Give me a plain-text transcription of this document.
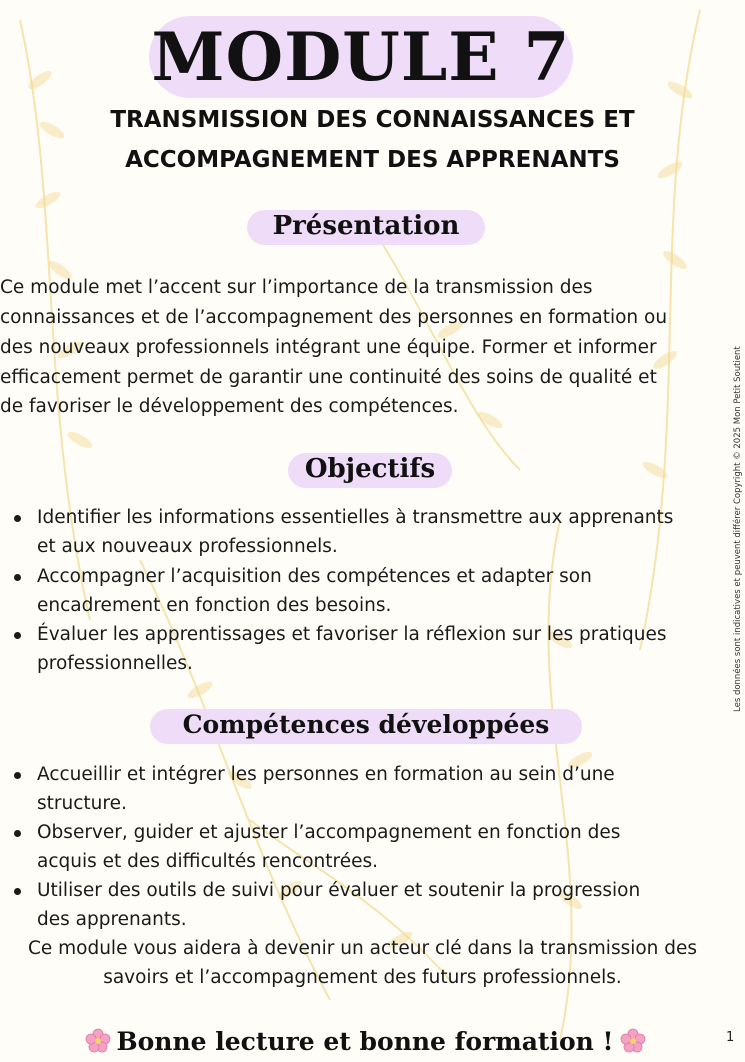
MODULE 7
TRANSMISSION DES CONNAISSANCES ET
ACCOMPAGNEMENT DES APPRENANTS
Présentation
Ce module met l’accent sur l’importance de la transmission des
connaissances et de l’accompagnement des personnes en formation ou
des nouveaux professionnels intégrant une équipe. Former et informer
efficacement permet de garantir une continuité des soins de qualité et
de favoriser le développement des compétences.
Objectifs
Identifier les informations essentielles à transmettre aux apprenants
et aux nouveaux professionnels.
Accompagner l’acquisition des compétences et adapter son
encadrement en fonction des besoins.
Évaluer les apprentissages et favoriser la réflexion sur les pratiques
professionnelles.
Compétences développées
Accueillir et intégrer les personnes en formation au sein d’une
structure.
Observer, guider et ajuster l’accompagnement en fonction des
acquis et des difficultés rencontrées.
Utiliser des outils de suivi pour évaluer et soutenir la progression
des apprenants.
Ce module vous aidera à devenir un acteur clé dans la transmission des
savoirs et l’accompagnement des futurs professionnels.
Bonne lecture et bonne formation !
Les données sont indicatives et peuvent différer Copyright © 2025 Mon Petit Soutient
1
